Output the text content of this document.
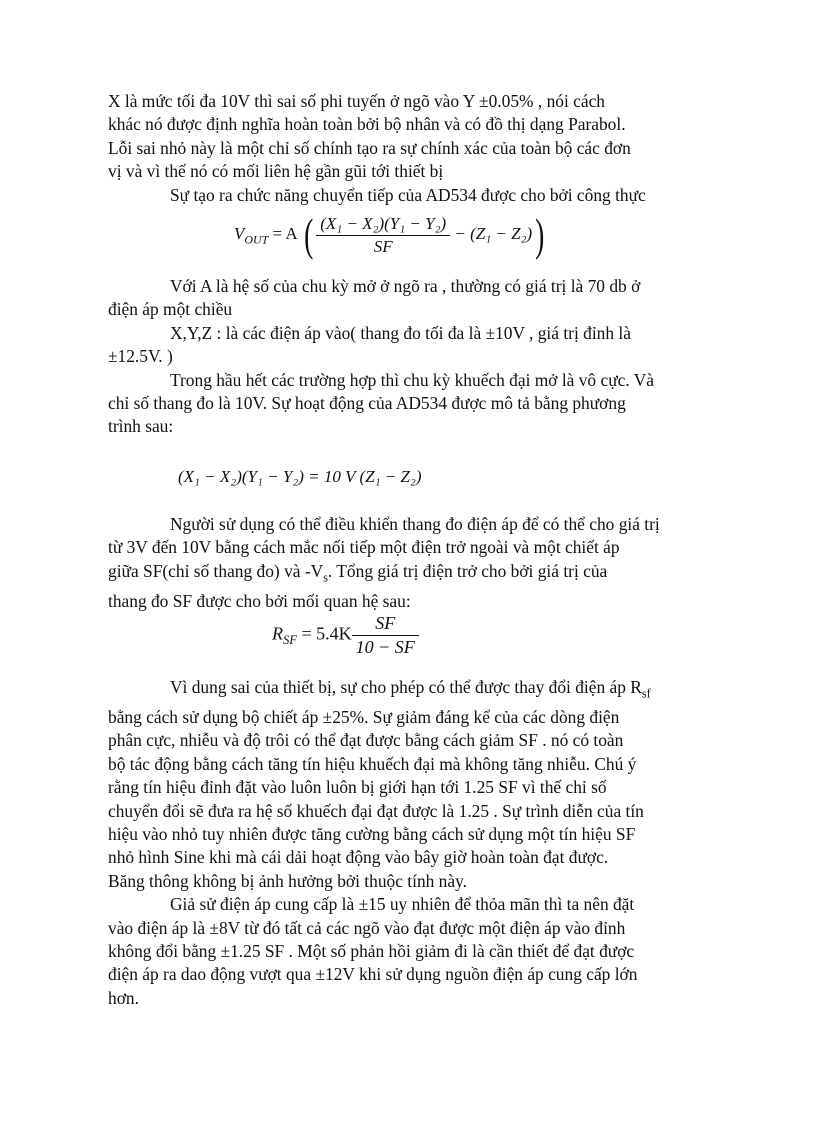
X là mức tối đa 10V thì sai số phi tuyến ở ngõ vào Y ±0.05% , nói cách
khác nó được định nghĩa hoàn toàn bởi bộ nhân và có đồ thị dạng Parabol.
Lỗi sai nhỏ này là một chỉ số chính tạo ra sự chính xác của toàn bộ các đơn
vị và vì thế nó có mối liên hệ gần gũi tới thiết bị
Sự tạo ra chức năng chuyển tiếp của AD534 được cho bởi công thực

$V_{OUT} = A$ ( $\frac{\text{(X₁ − X₂)(Y₁ − Y₂)}}{SF} - (Z_1 - Z_2)$)

Với A là hệ số của chu kỳ mở ở ngõ ra , thường có giá trị là 70 db ở
điện áp một chiều
X,Y,Z : là các điện áp vào( thang đo tối đa là ±10V , giá trị đỉnh là
±12.5V. )
Trong hầu hết các trường hợp thì chu kỳ khuếch đại mở là vô cực. Và
chỉ số thang đo là 10V. Sự hoạt động của AD534 được mô tả bằng phương
trình sau:

(X₁ − X₂)(Y₁ − Y₂) = 10 V (Z₁ − Z₂)

Người sử dụng có thể điều khiển thang đo điện áp để có thể cho giá trị
từ 3V đến 10V bằng cách mắc nối tiếp một điện trở ngoài và một chiết áp
giữa SF(chỉ số thang đo) và $-V_s$. Tổng giá trị điện trở cho bởi giá trị của
thang đo SF được cho bởi mối quan hệ sau:

$R_{SF} = 5.4K \frac{SF}{10 - SF}$

Vì dung sai của thiết bị, sự cho phép có thể được thay đổi điện áp $R_{sf}$
bằng cách sử dụng bộ chiết áp ±25%. Sự giảm đáng kể của các dòng điện
phân cực, nhiễu và độ trôi có thể đạt được bằng cách giảm SF . nó có toàn
bộ tác động bằng cách tăng tín hiệu khuếch đại mà không tăng nhiễu. Chú ý
rằng tín hiệu đỉnh đặt vào luôn luôn bị giới hạn tới 1.25 SF vì thế chỉ số
chuyển đổi sẽ đưa ra hệ số khuếch đại đạt được là 1.25 . Sự trình diễn của tín
hiệu vào nhỏ tuy nhiên được tăng cường bằng cách sử dụng một tín hiệu SF
nhỏ hình Sine khi mà cái dải hoạt động vào bây giờ hoàn toàn đạt được.
Băng thông không bị ảnh hưởng bởi thuộc tính này.
Giả sử điện áp cung cấp là ±15 uy nhiên để thỏa mãn thì ta nên đặt
vào điện áp là ±8V từ đó tất cả các ngõ vào đạt được một điện áp vào đỉnh
không đổi bằng ±1.25 SF . Một số phản hồi giảm đi là cần thiết để đạt được
điện áp ra dao động vượt qua ±12V khi sử dụng nguồn điện áp cung cấp lớn
hơn.
